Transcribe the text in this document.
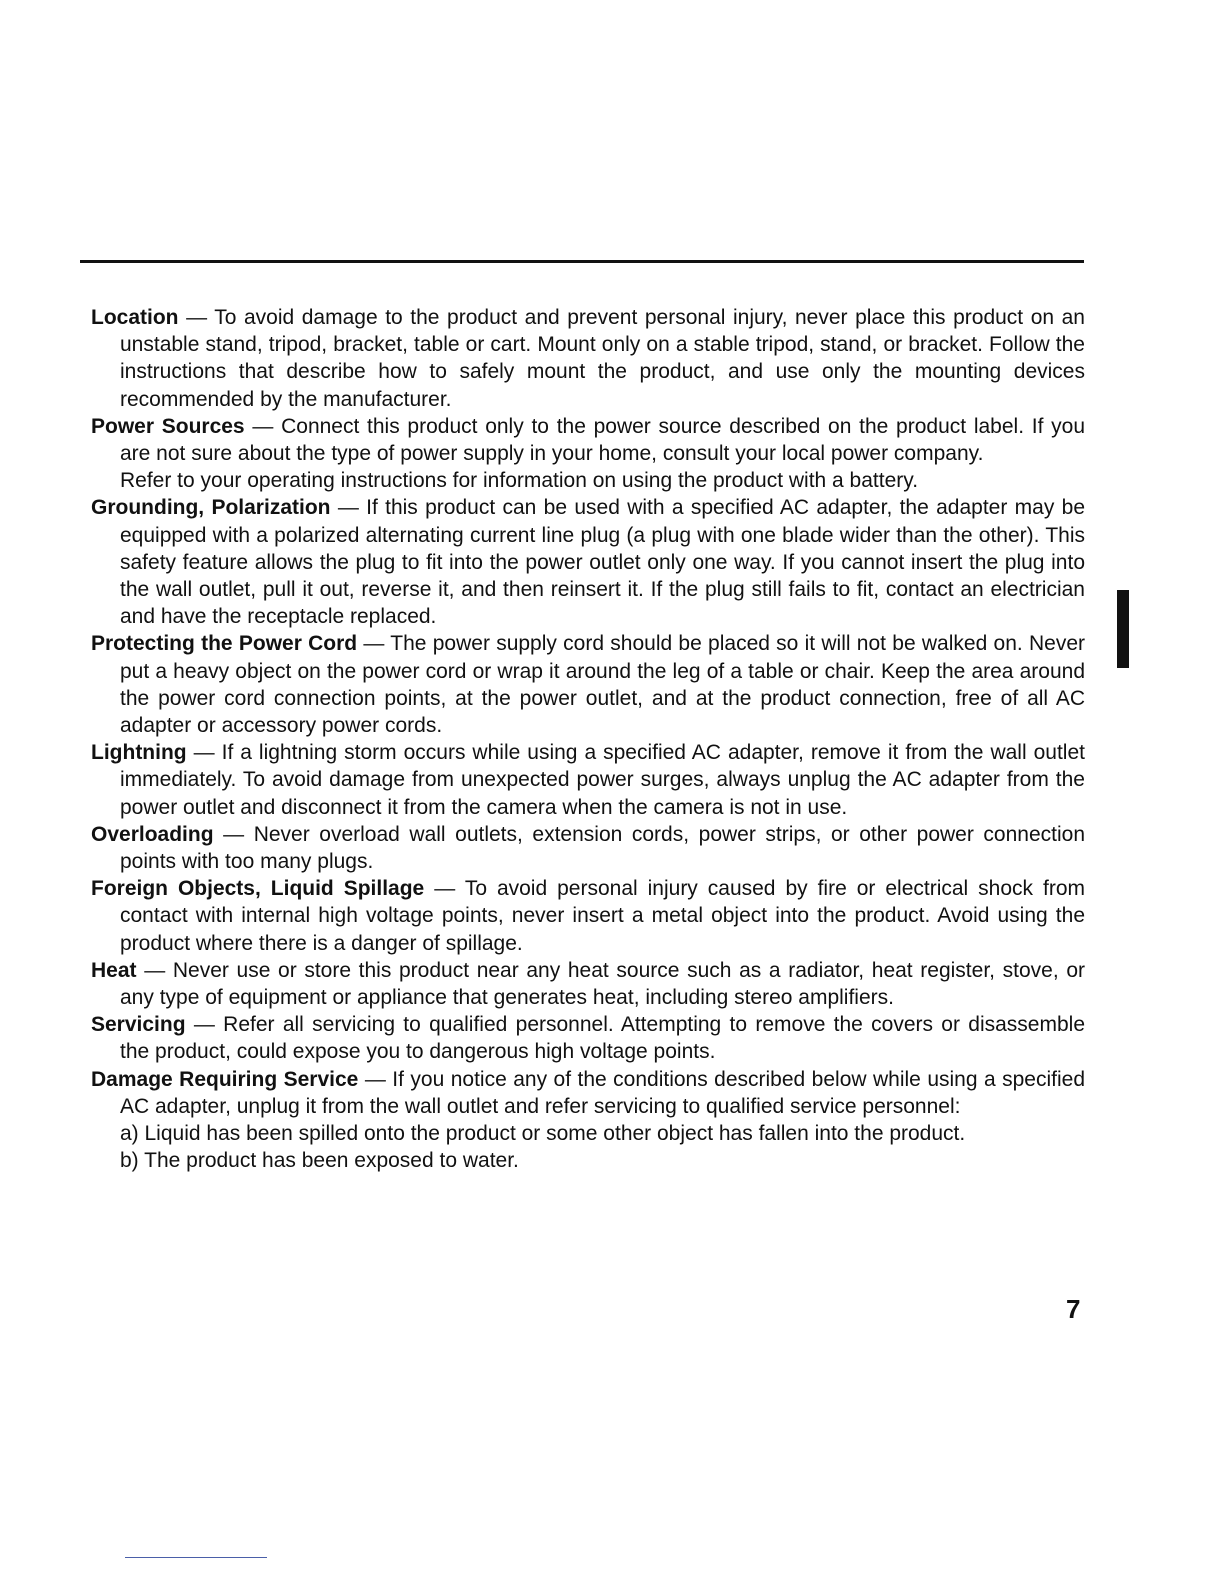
Location — To avoid damage to the product and prevent personal injury, never place this product on an unstable stand, tripod, bracket, table or cart. Mount only on a stable tripod, stand, or bracket. Follow the instructions that describe how to safely mount the product, and use only the mounting devices recommended by the manufacturer.
Power Sources — Connect this product only to the power source described on the product label. If you are not sure about the type of power supply in your home, consult your local power company.
Refer to your operating instructions for information on using the product with a battery.
Grounding, Polarization — If this product can be used with a specified AC adapter, the adapter may be equipped with a polarized alternating current line plug (a plug with one blade wider than the other). This safety feature allows the plug to fit into the power outlet only one way. If you cannot insert the plug into the wall outlet, pull it out, reverse it, and then reinsert it. If the plug still fails to fit, contact an electrician and have the receptacle replaced.
Protecting the Power Cord — The power supply cord should be placed so it will not be walked on. Never put a heavy object on the power cord or wrap it around the leg of a table or chair. Keep the area around the power cord connection points, at the power outlet, and at the product connection, free of all AC adapter or accessory power cords.
Lightning — If a lightning storm occurs while using a specified AC adapter, remove it from the wall outlet immediately. To avoid damage from unexpected power surges, always unplug the AC adapter from the power outlet and disconnect it from the camera when the camera is not in use.
Overloading — Never overload wall outlets, extension cords, power strips, or other power connection points with too many plugs.
Foreign Objects, Liquid Spillage — To avoid personal injury caused by fire or electrical shock from contact with internal high voltage points, never insert a metal object into the product. Avoid using the product where there is a danger of spillage.
Heat — Never use or store this product near any heat source such as a radiator, heat register, stove, or any type of equipment or appliance that generates heat, including stereo amplifiers.
Servicing — Refer all servicing to qualified personnel. Attempting to remove the covers or disassemble the product, could expose you to dangerous high voltage points.
Damage Requiring Service — If you notice any of the conditions described below while using a specified AC adapter, unplug it from the wall outlet and refer servicing to qualified service personnel:
a) Liquid has been spilled onto the product or some other object has fallen into the product.
b) The product has been exposed to water.
7
